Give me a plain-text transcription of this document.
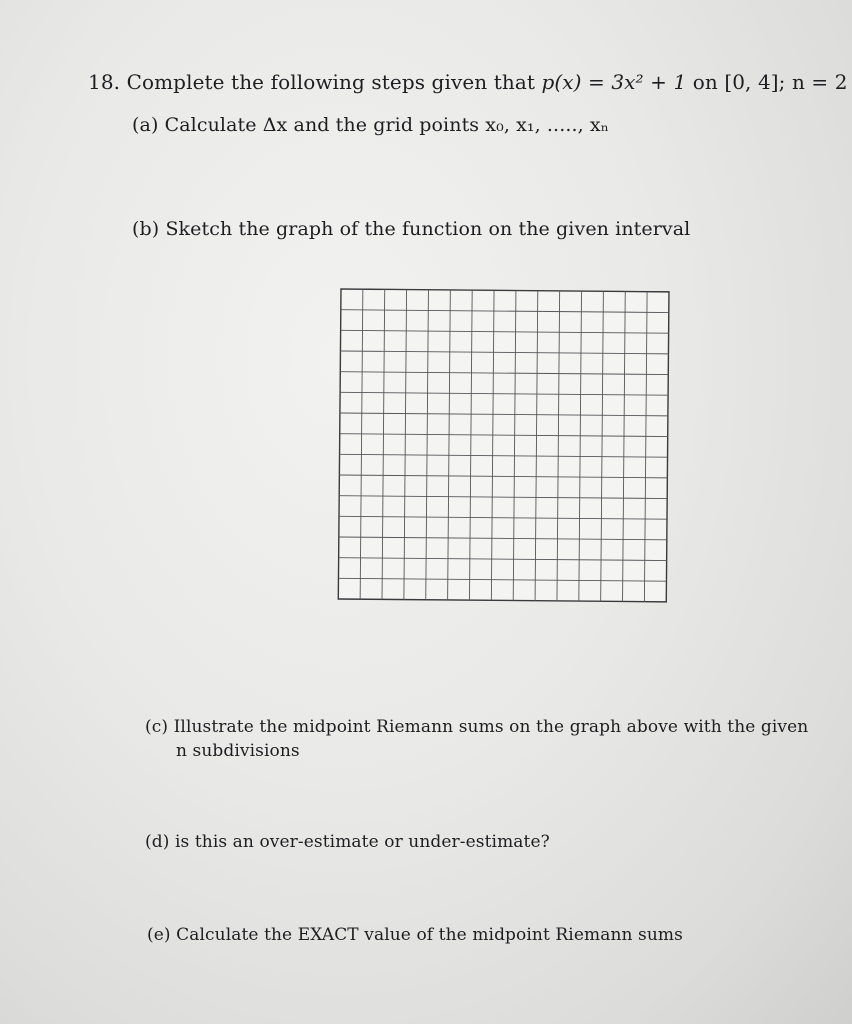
18. Complete the following steps given that p(x) = 3x² + 1 on [0, 4]; n = 2
(a) Calculate Δx and the grid points x₀, x₁, ....., xₙ
(b) Sketch the graph of the function on the given interval
(c) Illustrate the midpoint Riemann sums on the graph above with the given
n subdivisions
(d) is this an over-estimate or under-estimate?
(e) Calculate the EXACT value of the midpoint Riemann sums
